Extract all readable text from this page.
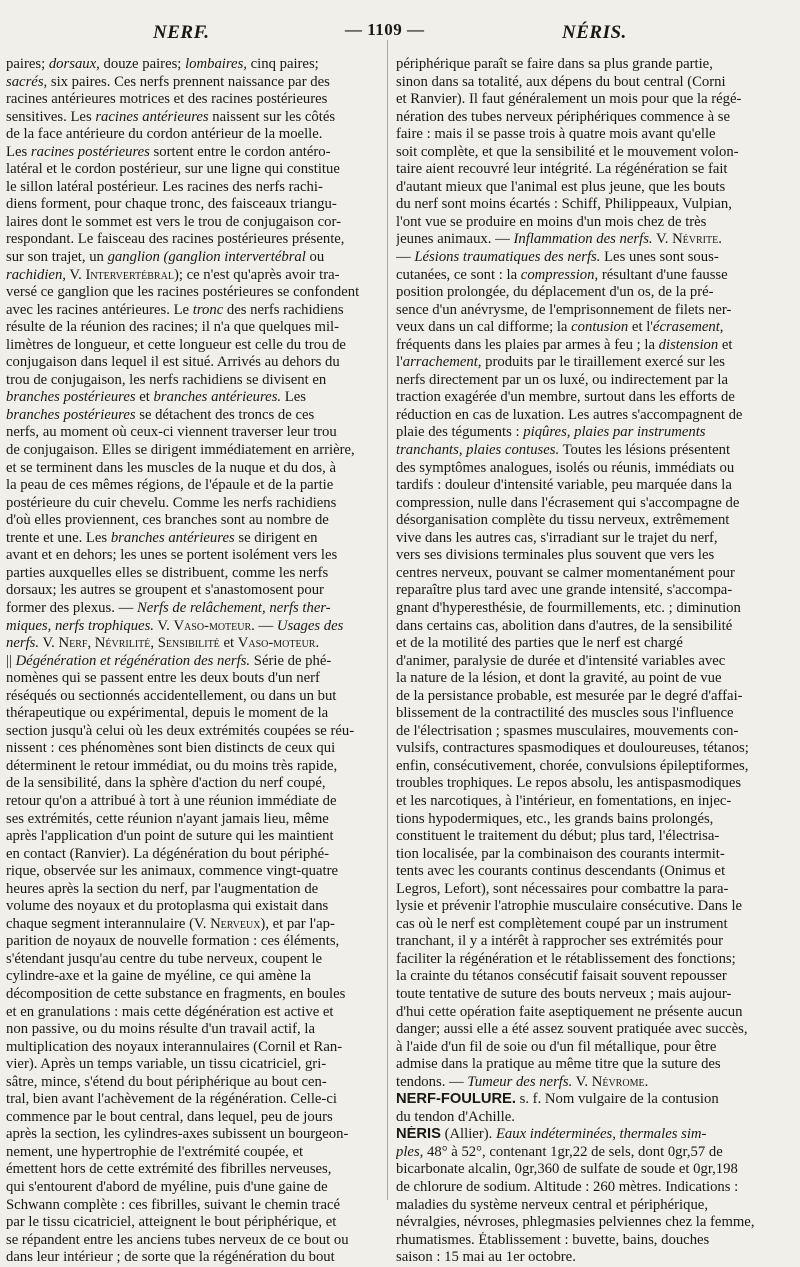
NERF.	— 1109 —	NÉRIS.
paires; dorsaux, douze paires; lombaires, cinq paires;
sacrés, six paires. Ces nerfs prennent naissance par des
racines antérieures motrices et des racines postérieures
sensitives. Les racines antérieures naissent sur les côtés
de la face antérieure du cordon antérieur de la moelle.
Les racines postérieures sortent entre le cordon antéro-
latéral et le cordon postérieur, sur une ligne qui constitue
le sillon latéral postérieur. Les racines des nerfs rachi-
diens forment, pour chaque tronc, des faisceaux triangu-
laires dont le sommet est vers le trou de conjugaison cor-
respondant. Le faisceau des racines postérieures présente,
sur son trajet, un ganglion (ganglion intervertébral ou
rachidien, V. Intervertébral); ce n'est qu'après avoir tra-
versé ce ganglion que les racines postérieures se confondent
avec les racines antérieures. Le tronc des nerfs rachidiens
résulte de la réunion des racines; il n'a que quelques mil-
limètres de longueur, et cette longueur est celle du trou de
conjugaison dans lequel il est situé. Arrivés au dehors du
trou de conjugaison, les nerfs rachidiens se divisent en
branches postérieures et branches antérieures. Les
branches postérieures se détachent des troncs de ces
nerfs, au moment où ceux-ci viennent traverser leur trou
de conjugaison. Elles se dirigent immédiatement en arrière,
et se terminent dans les muscles de la nuque et du dos, à
la peau de ces mêmes régions, de l'épaule et de la partie
postérieure du cuir chevelu. Comme les nerfs rachidiens
d'où elles proviennent, ces branches sont au nombre de
trente et une. Les branches antérieures se dirigent en
avant et en dehors; les unes se portent isolément vers les
parties auxquelles elles se distribuent, comme les nerfs
dorsaux; les autres se groupent et s'anastomosent pour
former des plexus. — Nerfs de relâchement, nerfs ther-
miques, nerfs trophiques. V. Vaso-moteur. — Usages des
nerfs. V. Nerf, Névrilité, Sensibilité et Vaso-moteur.
|| Dégénération et régénération des nerfs. Série de phé-
nomènes qui se passent entre les deux bouts d'un nerf
réséqués ou sectionnés accidentellement, ou dans un but
thérapeutique ou expérimental, depuis le moment de la
section jusqu'à celui où les deux extrémités coupées se réu-
nissent : ces phénomènes sont bien distincts de ceux qui
déterminent le retour immédiat, ou du moins très rapide,
de la sensibilité, dans la sphère d'action du nerf coupé,
retour qu'on a attribué à tort à une réunion immédiate de
ses extrémités, cette réunion n'ayant jamais lieu, même
après l'application d'un point de suture qui les maintient
en contact (Ranvier). La dégénération du bout périphé-
rique, observée sur les animaux, commence vingt-quatre
heures après la section du nerf, par l'augmentation de
volume des noyaux et du protoplasma qui existait dans
chaque segment interannulaire (V. Nerveux), et par l'ap-
parition de noyaux de nouvelle formation : ces éléments,
s'étendant jusqu'au centre du tube nerveux, coupent le
cylindre-axe et la gaine de myéline, ce qui amène la
décomposition de cette substance en fragments, en boules
et en granulations : mais cette dégénération est active et
non passive, ou du moins résulte d'un travail actif, la
multiplication des noyaux interannulaires (Cornil et Ran-
vier). Après un temps variable, un tissu cicatriciel, gri-
sâtre, mince, s'étend du bout périphérique au bout cen-
tral, bien avant l'achèvement de la régénération. Celle-ci
commence par le bout central, dans lequel, peu de jours
après la section, les cylindres-axes subissent un bourgeon-
nement, une hypertrophie de l'extrémité coupée, et
émettent hors de cette extrémité des fibrilles nerveuses,
qui s'entourent d'abord de myéline, puis d'une gaine de
Schwann complète : ces fibrilles, suivant le chemin tracé
par le tissu cicatriciel, atteignent le bout périphérique, et
se répandent entre les anciens tubes nerveux de ce bout ou
dans leur intérieur ; de sorte que la régénération du bout
périphérique paraît se faire dans sa plus grande partie,
sinon dans sa totalité, aux dépens du bout central (Corni
et Ranvier). Il faut généralement un mois pour que la régé-
nération des tubes nerveux périphériques commence à se
faire : mais il se passe trois à quatre mois avant qu'elle
soit complète, et que la sensibilité et le mouvement volon-
taire aient recouvré leur intégrité. La régénération se fait
d'autant mieux que l'animal est plus jeune, que les bouts
du nerf sont moins écartés : Schiff, Philippeaux, Vulpian,
l'ont vue se produire en moins d'un mois chez de très
jeunes animaux. — Inflammation des nerfs. V. Névrite.
— Lésions traumatiques des nerfs. Les unes sont sous-
cutanées, ce sont : la compression, résultant d'une fausse
position prolongée, du déplacement d'un os, de la pré-
sence d'un anévrysme, de l'emprisonnement de filets ner-
veux dans un cal difforme; la contusion et l'écrasement,
fréquents dans les plaies par armes à feu ; la distension et
l'arrachement, produits par le tiraillement exercé sur les
nerfs directement par un os luxé, ou indirectement par la
traction exagérée d'un membre, surtout dans les efforts de
réduction en cas de luxation. Les autres s'accompagnent de
plaie des téguments : piqûres, plaies par instruments
tranchants, plaies contuses. Toutes les lésions présentent
des symptômes analogues, isolés ou réunis, immédiats ou
tardifs : douleur d'intensité variable, peu marquée dans la
compression, nulle dans l'écrasement qui s'accompagne de
désorganisation complète du tissu nerveux, extrêmement
vive dans les autres cas, s'irradiant sur le trajet du nerf,
vers ses divisions terminales plus souvent que vers les
centres nerveux, pouvant se calmer momentanément pour
reparaître plus tard avec une grande intensité, s'accompa-
gnant d'hyperesthésie, de fourmillements, etc. ; diminution
dans certains cas, abolition dans d'autres, de la sensibilité
et de la motilité des parties que le nerf est chargé
d'animer, paralysie de durée et d'intensité variables avec
la nature de la lésion, et dont la gravité, au point de vue
de la persistance probable, est mesurée par le degré d'affai-
blissement de la contractilité des muscles sous l'influence
de l'électrisation ; spasmes musculaires, mouvements con-
vulsifs, contractures spasmodiques et douloureuses, tétanos;
enfin, consécutivement, chorée, convulsions épileptiformes,
troubles trophiques. Le repos absolu, les antispasmodiques
et les narcotiques, à l'intérieur, en fomentations, en injec-
tions hypodermiques, etc., les grands bains prolongés,
constituent le traitement du début; plus tard, l'électrisa-
tion localisée, par la combinaison des courants intermit-
tents avec les courants continus descendants (Onimus et
Legros, Lefort), sont nécessaires pour combattre la para-
lysie et prévenir l'atrophie musculaire consécutive. Dans le
cas où le nerf est complètement coupé par un instrument
tranchant, il y a intérêt à rapprocher ses extrémités pour
faciliter la régénération et le rétablissement des fonctions;
la crainte du tétanos consécutif faisait souvent repousser
toute tentative de suture des bouts nerveux ; mais aujour-
d'hui cette opération faite aseptiquement ne présente aucun
danger; aussi elle a été assez souvent pratiquée avec succès,
à l'aide d'un fil de soie ou d'un fil métallique, pour être
admise dans la pratique au même titre que la suture des
tendons. — Tumeur des nerfs. V. Névrome.
NERF-FOULURE. s. f. Nom vulgaire de la contusion
du tendon d'Achille.
NÉRIS (Allier). Eaux indéterminées, thermales sim-
ples, 48° à 52°, contenant 1gr,22 de sels, dont 0gr,57 de
bicarbonate alcalin, 0gr,360 de sulfate de soude et 0gr,198
de chlorure de sodium. Altitude : 260 mètres. Indications :
maladies du système nerveux central et périphérique,
névralgies, névroses, phlegmasies pelviennes chez la femme,
rhumatismes. Établissement : buvette, bains, douches
saison : 15 mai au 1er octobre.
